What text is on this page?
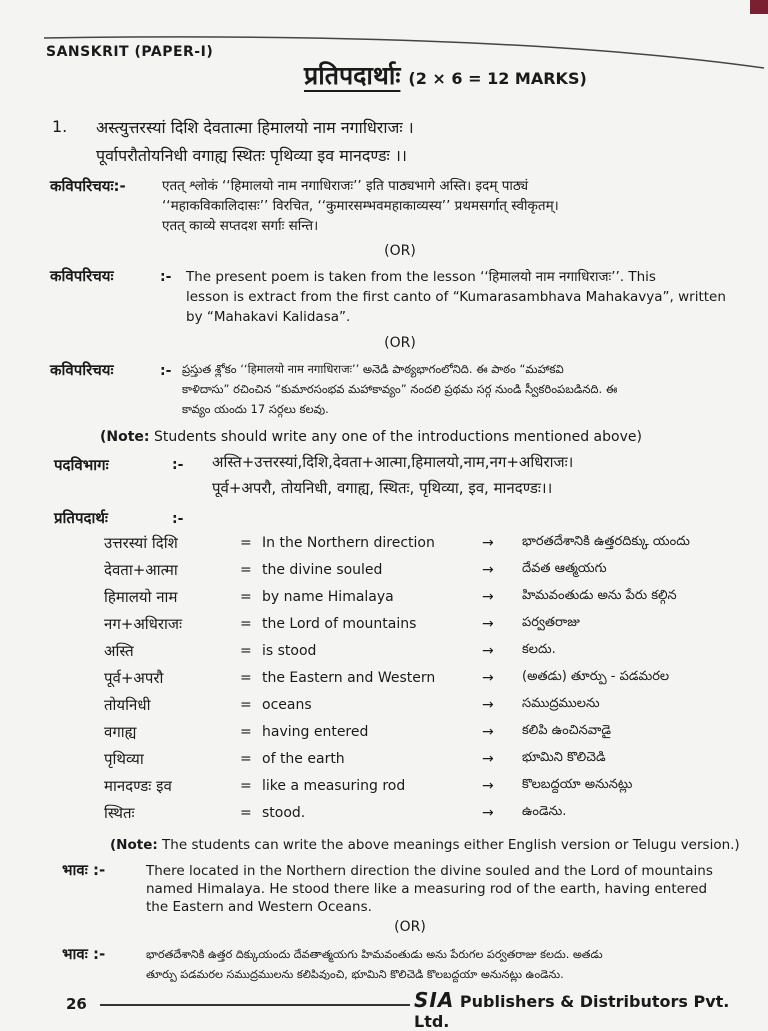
SANSKRIT (PAPER-I)
प्रतिपदार्थाः (2 × 6 = 12 MARKS)
1. अस्त्युत्तरस्यां दिशि देवतात्मा हिमालयो नाम नगाधिराजः ।
पूर्वापरौतोयनिधी वगाह्य स्थितः पृथिव्या इव मानदण्डः ।।
कविपरिचयः:-	एतत् श्लोकं ‘‘हिमालयो नाम नगाधिराजः’’ इति पाठ्यभागे अस्ति। इदम् पाठ्यं
‘‘महाकविकालिदासः’’ विरचित, ‘‘कुमारसम्भवमहाकाव्यस्य’’ प्रथमसर्गात् स्वीकृतम्।
एतत् काव्ये सप्तदश सर्गाः सन्ति।
(OR)
कविपरिचयः	:- The present poem is taken from the lesson ‘‘हिमालयो नाम नगाधिराजः’’. This
lesson is extract from the first canto of “Kumarasambhava Mahakavya”, written
by “Mahakavi Kalidasa”.
(OR)
कविपरिचयः	:- ప్రస్తుత శ్లోకం ‘‘हिमालयो नाम नगाधिराजः’’ అనెడి పాఠ్యభాగంలోనిది. ఈ పాఠం “మహాకవి
కాళిదాసు” రచించిన “కుమారసంభవ మహాకావ్యం” నందలి ప్రథమ సర్గ నుండి స్వీకరింపబడినది. ఈ
కావ్యం యందు 17 సర్గలు కలవు.
(Note: Students should write any one of the introductions mentioned above)
पदविभागः	:- अस्ति+उत्तरस्यां,दिशि,देवता+आत्मा,हिमालयो,नाम,नग+अधिराजः।
पूर्व+अपरौ, तोयनिधी, वगाह्य, स्थितः, पृथिव्या, इव, मानदण्डः।।
प्रतिपदार्थः	:-
उत्तरस्यां दिशि	= In the Northern direction	→	భారతదేశానికి ఉత్తరదిక్కు యందు
देवता+आत्मा	= the divine souled	→	దేవత ఆత్మయగు
हिमालयो नाम	= by name Himalaya	→	హిమవంతుడు అను పేరు కల్గిన
नग+अधिराजः	= the Lord of mountains	→	పర్వతరాజు
अस्ति	= is stood	→	కలదు.
पूर्व+अपरौ	= the Eastern and Western	→	(అతడు) తూర్పు - పడమరల
तोयनिधी	= oceans	→	సముద్రములను
वगाह्य	= having entered	→	కలిపి ఉంచినవాడై
पृथिव्या	= of the earth	→	భూమిని కొలిచెడి
मानदण्डः इव	= like a measuring rod	→	కొలబద్దయా అనునట్లు
स्थितः	= stood.	→	ఉండెను.
(Note: The students can write the above meanings either English version or Telugu version.)
भावः :-	There located in the Northern direction the divine souled and the Lord of mountains
named Himalaya. He stood there like a measuring rod of the earth, having entered
the Eastern and Western Oceans.
(OR)
भावः :-	భారతదేశానికి ఉత్తర దిక్కుయందు దేవతాత్మయగు హిమవంతుడు అను పేరుగల పర్వతరాజు కలదు. అతడు
తూర్పు పడమరల సముద్రములను కలిపివుంచి, భూమిని కొలిచెడి కొలబద్దయా అనునట్లు ఉండెను.
26	SIA Publishers & Distributors Pvt. Ltd.
